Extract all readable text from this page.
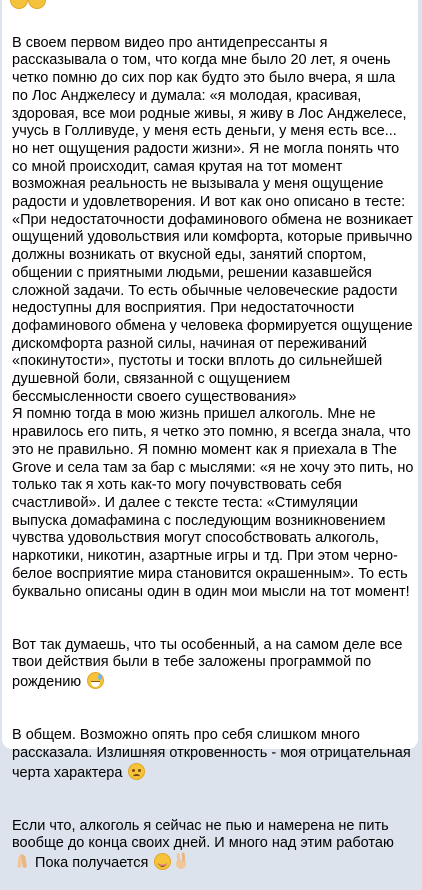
В своем первом видео про антидепрессанты я рассказывала о том, что когда мне было 20 лет, я очень четко помню до сих пор как будто это было вчера, я шла по Лос Анджелесу и думала: «я молодая, красивая, здоровая, все мои родные живы, я живу в Лос Анджелесе, учусь в Голливуде, у меня есть деньги, у меня есть все... но нет ощущения радости жизни». Я не могла понять что со мной происходит, самая крутая на тот момент возможная реальность не вызывала у меня ощущение радости и удовлетворения. И вот как оно описано в тесте: «При недостаточности дофаминового обмена не возникает ощущений удовольствия или комфорта, которые привычно должны возникать от вкусной еды, занятий спортом, общении с приятными людьми, решении казавшейся сложной задачи. То есть обычные человеческие радости недоступны для восприятия. При недостаточности дофаминового обмена у человека формируется ощущение дискомфорта разной силы, начиная от переживаний «покинутости», пустоты и тоски вплоть до сильнейшей душевной боли, связанной с ощущением бессмысленности своего существования»
Я помню тогда в мою жизнь пришел алкоголь. Мне не нравилось его пить, я четко это помню, я всегда знала, что это не правильно. Я помню момент как я приехала в The Grove и села там за бар с мыслями: «я не хочу это пить, но только так я хоть как-то могу почувствовать себя счастливой». И далее с тексте теста: «Стимуляции выпуска домафамина с последующим возникновением чувства удовольствия могут способствовать алкоголь, наркотики, никотин, азартные игры и тд. При этом черно-белое восприятие мира становится окрашенным». То есть буквально описаны один в один мои мысли на тот момент!

Вот так думаешь, что ты особенный, а на самом деле все твои действия были в тебе заложены программой по рождению

В общем. Возможно опять про себя слишком много рассказала. Излишняя откровенность - моя отрицательная черта характера

Если что, алкоголь я сейчас не пью и намерена не пить вообще до конца своих дней. И много над этим работаю  Пока получается
